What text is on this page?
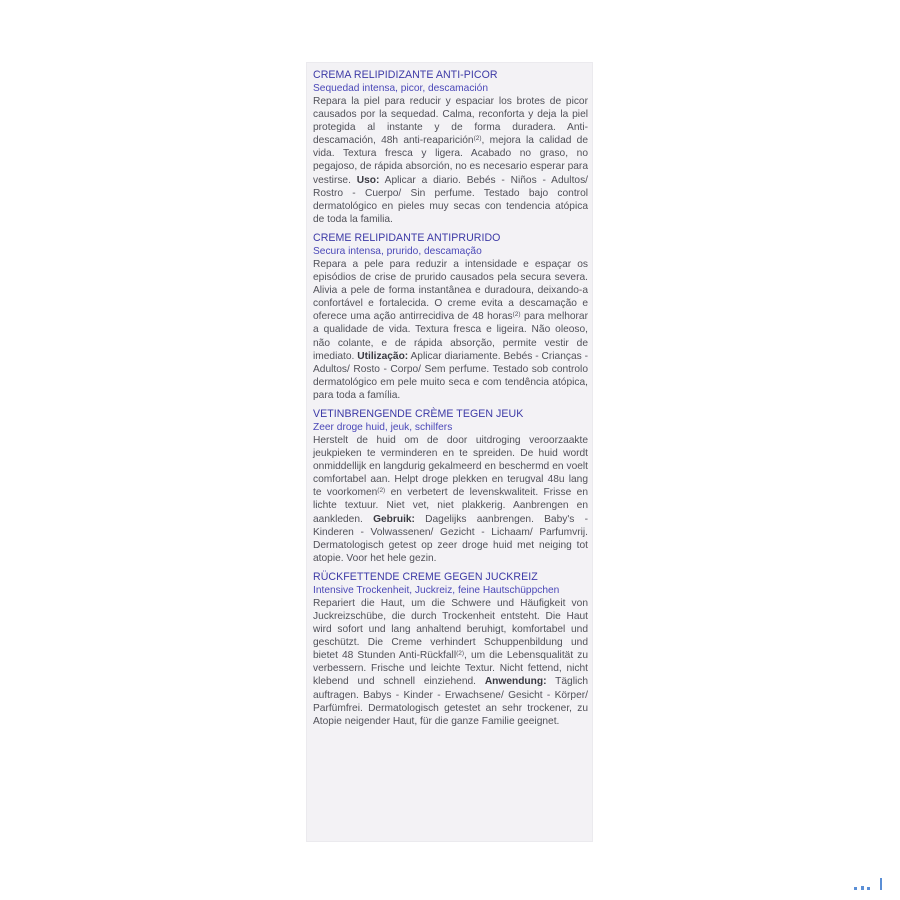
CREMA RELIPIDIZANTE ANTI-PICOR

Sequedad intensa, picor, descamación

Repara la piel para reducir y espaciar los brotes de picor causados por la sequedad. Calma, reconforta y deja la piel protegida al instante y de forma duradera. Anti-descamación, 48h anti-reaparición$^{(2)}$, mejora la calidad de vida. Textura fresca y ligera. Acabado no graso, no pegajoso, de rápida absorción, no es necesario esperar para vestirse. Uso: Aplicar a diario. Bebés - Niños - Adultos/ Rostro - Cuerpo/ Sin perfume. Testado bajo control dermatológico en pieles muy secas con tendencia atópica de toda la familia.

CREME RELIPIDANTE ANTIPRURIDO

Secura intensa, prurido, descamação

Repara a pele para reduzir a intensidade e espaçar os episódios de crise de prurido causados pela secura severa. Alivia a pele de forma instantânea e duradoura, deixando-a confortável e fortalecida. O creme evita a descamação e oferece uma ação antirrecidiva de 48 horas$^{(2)}$ para melhorar a qualidade de vida. Textura fresca e ligeira. Não oleoso, não colante, e de rápida absorção, permite vestir de imediato. Utilização: Aplicar diariamente. Bebés - Crianças - Adultos/ Rosto - Corpo/ Sem perfume. Testado sob controlo dermatológico em pele muito seca e com tendência atópica, para toda a família.

VETINBRENGENDE CRÈME TEGEN JEUK

Zeer droge huid, jeuk, schilfers

Herstelt de huid om de door uitdroging veroorzaakte jeukpieken te verminderen en te spreiden. De huid wordt onmiddellijk en langdurig gekalmeerd en beschermd en voelt comfortabel aan. Helpt droge plekken en terugval 48u lang te voorkomen$^{(2)}$ en verbetert de levenskwaliteit. Frisse en lichte textuur. Niet vet, niet plakkerig. Aanbrengen en aankleden. Gebruik: Dagelijks aanbrengen. Baby's - Kinderen - Volwassenen/ Gezicht - Lichaam/ Parfumvrij. Dermatologisch getest op zeer droge huid met neiging tot atopie. Voor het hele gezin.

RÜCKFETTENDE CREME GEGEN JUCKREIZ

Intensive Trockenheit, Juckreiz, feine Hautschüppchen

Repariert die Haut, um die Schwere und Häufigkeit von Juckreizschübe, die durch Trockenheit entsteht. Die Haut wird sofort und lang anhaltend beruhigt, komfortabel und geschützt. Die Creme verhindert Schuppenbildung und bietet 48 Stunden Anti-Rückfall$^{(2)}$, um die Lebensqualität zu verbessern. Frische und leichte Textur. Nicht fettend, nicht klebend und schnell einziehend. Anwendung: Täglich auftragen. Babys - Kinder - Erwachsene/ Gesicht - Körper/ Parfümfrei. Dermatologisch getestet an sehr trockener, zu Atopie neigender Haut, für die ganze Familie geeignet.
